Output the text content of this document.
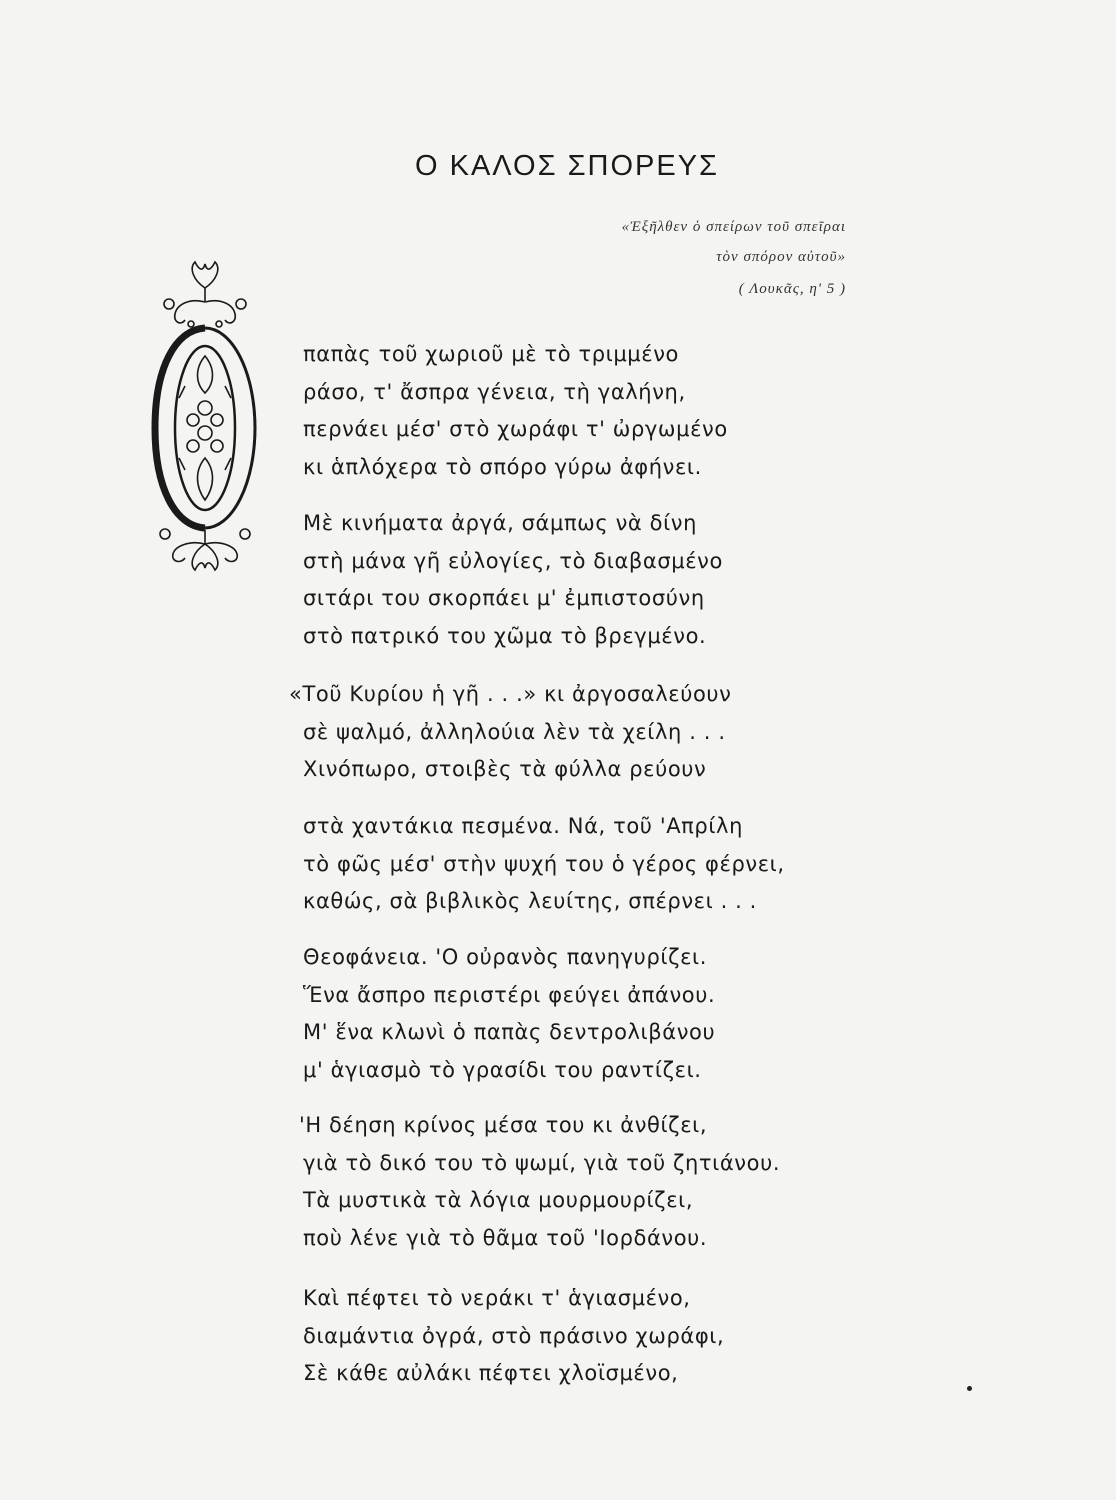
Ο ΚΑΛΟΣ ΣΠΟΡΕΥΣ
«Ἐξῆλθεν ὁ σπείρων τοῦ σπεῖραι
τὸν σπόρον αὐτοῦ»
( Λουκᾶς, η' 5 )
παπὰς τοῦ χωριοῦ μὲ τὸ τριμμένο
ράσο, τ' ἄσπρα γένεια, τὴ γαλήνη,
περνάει μέσ' στὸ χωράφι τ' ὠργωμένο
κι ἁπλόχερα τὸ σπόρο γύρω ἀφήνει.
Μὲ κινήματα ἀργά, σάμπως νὰ δίνη
στὴ μάνα γῆ εὐλογίες, τὸ διαβασμένο
σιτάρι του σκορπάει μ' ἐμπιστοσύνη
στὸ πατρικό του χῶμα τὸ βρεγμένο.
«Τοῦ Κυρίου ἡ γῆ . . .» κι ἀργοσαλεύουν
σὲ ψαλμό, ἀλληλούια λὲν τὰ χείλη . . .
Χινόπωρο, στοιβὲς τὰ φύλλα ρεύουν
στὰ χαντάκια πεσμένα. Νά, τοῦ 'Απρίλη
τὸ φῶς μέσ' στὴν ψυχή του ὁ γέρος φέρνει,
καθώς, σὰ βιβλικὸς λευίτης, σπέρνει . . .
Θεοφάνεια. 'Ο οὐρανὸς πανηγυρίζει.
Ἕνα ἄσπρο περιστέρι φεύγει ἀπάνου.
Μ' ἕνα κλωνὶ ὁ παπὰς δεντρολιβάνου
μ' ἁγιασμὸ τὸ γρασίδι του ραντίζει.
'Η δέηση κρίνος μέσα του κι ἀνθίζει,
γιὰ τὸ δικό του τὸ ψωμί, γιὰ τοῦ ζητιάνου.
Τὰ μυστικὰ τὰ λόγια μουρμουρίζει,
ποὺ λένε γιὰ τὸ θᾶμα τοῦ 'Ιορδάνου.
Καὶ πέφτει τὸ νεράκι τ' ἁγιασμένο,
διαμάντια ὀγρά, στὸ πράσινο χωράφι,
Σὲ κάθε αὐλάκι πέφτει χλοϊσμένο,
